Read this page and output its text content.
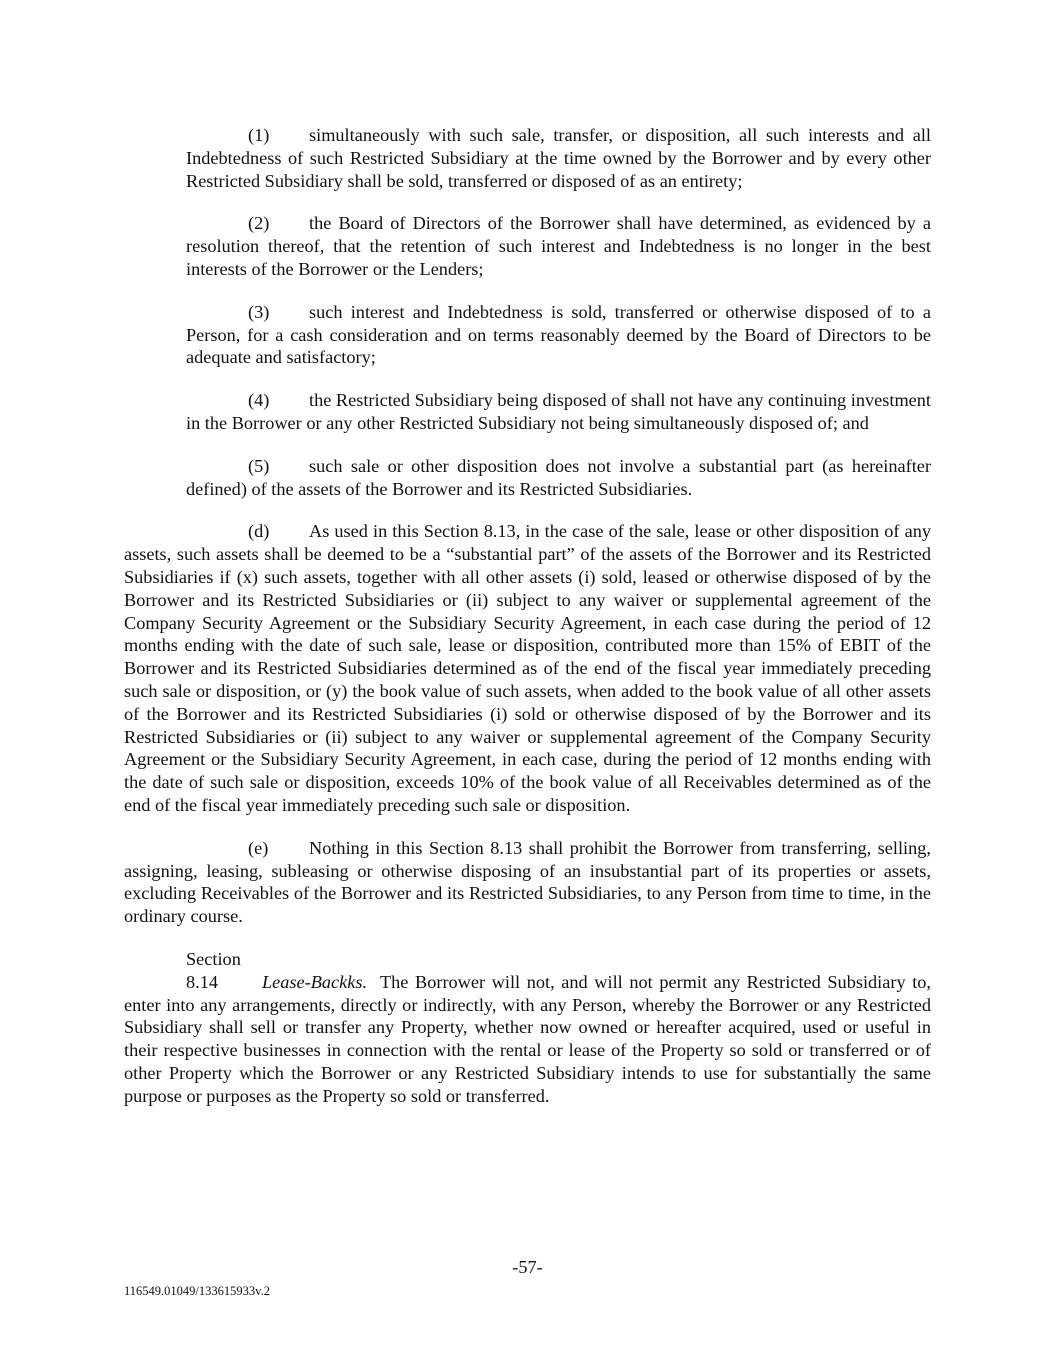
(1) simultaneously with such sale, transfer, or disposition, all such interests and all Indebtedness of such Restricted Subsidiary at the time owned by the Borrower and by every other Restricted Subsidiary shall be sold, transferred or disposed of as an entirety;
(2) the Board of Directors of the Borrower shall have determined, as evidenced by a resolution thereof, that the retention of such interest and Indebtedness is no longer in the best interests of the Borrower or the Lenders;
(3) such interest and Indebtedness is sold, transferred or otherwise disposed of to a Person, for a cash consideration and on terms reasonably deemed by the Board of Directors to be adequate and satisfactory;
(4) the Restricted Subsidiary being disposed of shall not have any continuing investment in the Borrower or any other Restricted Subsidiary not being simultaneously disposed of; and
(5) such sale or other disposition does not involve a substantial part (as hereinafter defined) of the assets of the Borrower and its Restricted Subsidiaries.
(d) As used in this Section 8.13, in the case of the sale, lease or other disposition of any assets, such assets shall be deemed to be a “substantial part” of the assets of the Borrower and its Restricted Subsidiaries if (x) such assets, together with all other assets (i) sold, leased or otherwise disposed of by the Borrower and its Restricted Subsidiaries or (ii) subject to any waiver or supplemental agreement of the Company Security Agreement or the Subsidiary Security Agreement, in each case during the period of 12 months ending with the date of such sale, lease or disposition, contributed more than 15% of EBIT of the Borrower and its Restricted Subsidiaries determined as of the end of the fiscal year immediately preceding such sale or disposition, or (y) the book value of such assets, when added to the book value of all other assets of the Borrower and its Restricted Subsidiaries (i) sold or otherwise disposed of by the Borrower and its Restricted Subsidiaries or (ii) subject to any waiver or supplemental agreement of the Company Security Agreement or the Subsidiary Security Agreement, in each case, during the period of 12 months ending with the date of such sale or disposition, exceeds 10% of the book value of all Receivables determined as of the end of the fiscal year immediately preceding such sale or disposition.
(e) Nothing in this Section 8.13 shall prohibit the Borrower from transferring, selling, assigning, leasing, subleasing or otherwise disposing of an insubstantial part of its properties or assets, excluding Receivables of the Borrower and its Restricted Subsidiaries, to any Person from time to time, in the ordinary course.
Section 8.14 Lease-Backks. The Borrower will not, and will not permit any Restricted Subsidiary to, enter into any arrangements, directly or indirectly, with any Person, whereby the Borrower or any Restricted Subsidiary shall sell or transfer any Property, whether now owned or hereafter acquired, used or useful in their respective businesses in connection with the rental or lease of the Property so sold or transferred or of other Property which the Borrower or any Restricted Subsidiary intends to use for substantially the same purpose or purposes as the Property so sold or transferred.
-57-
116549.01049/133615933v.2
